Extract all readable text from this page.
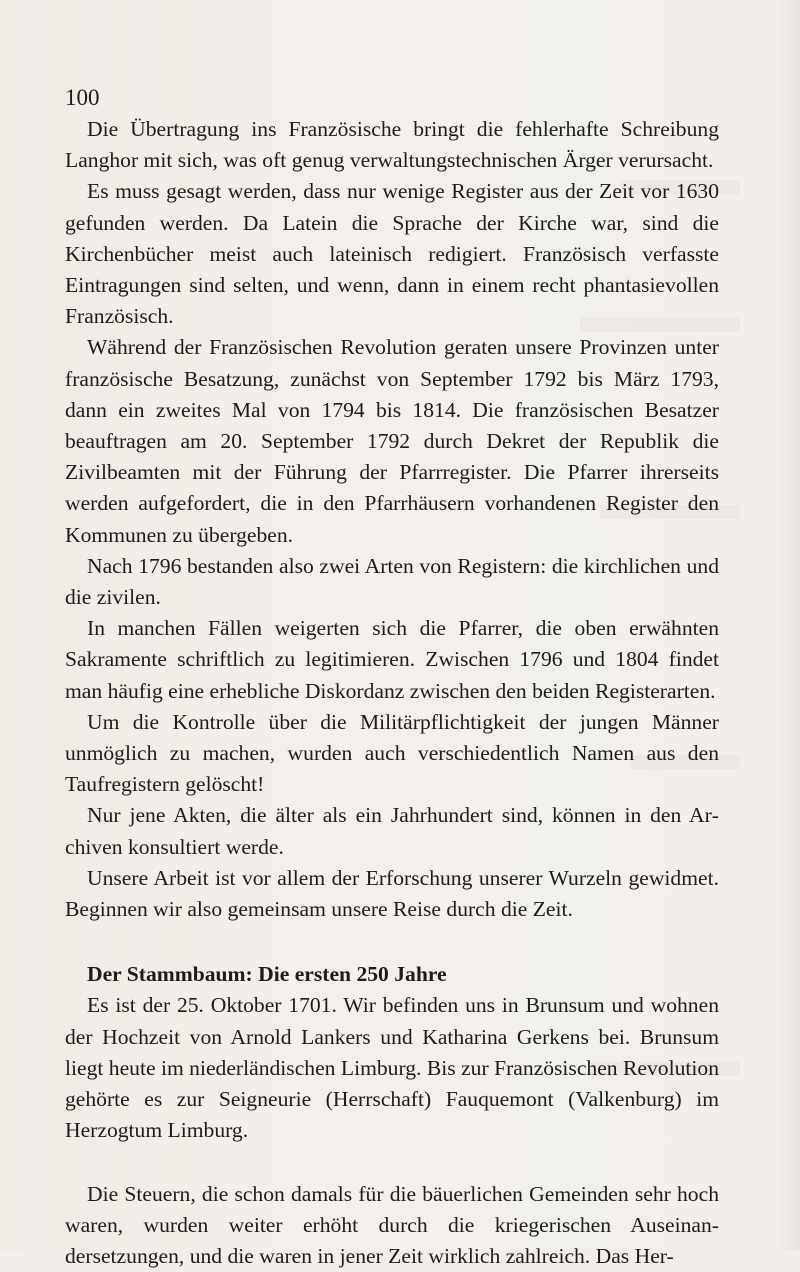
100

Die Übertragung ins Französische bringt die fehlerhafte Schreibung Langhor mit sich, was oft genug verwaltungstechnischen Ärger verursacht.

Es muss gesagt werden, dass nur wenige Register aus der Zeit vor 1630 gefunden werden. Da Latein die Sprache der Kirche war, sind die Kirchenbücher meist auch lateinisch redigiert. Französisch verfasste Eintragungen sind selten, und wenn, dann in einem recht phantasievollen Französisch.

Während der Französischen Revolution geraten unsere Provinzen unter französische Besatzung, zunächst von September 1792 bis März 1793, dann ein zweites Mal von 1794 bis 1814. Die französischen Besatzer beauftragen am 20. September 1792 durch Dekret der Republik die Zivilbeamten mit der Führung der Pfarrregister. Die Pfarrer ihrerseits werden aufgefordert, die in den Pfarrhäusern vorhandenen Register den Kommunen zu übergeben.

Nach 1796 bestanden also zwei Arten von Registern: die kirchlichen und die zivilen.

In manchen Fällen weigerten sich die Pfarrer, die oben erwähnten Sakramente schriftlich zu legitimieren. Zwischen 1796 und 1804 findet man häufig eine erhebliche Diskordanz zwischen den beiden Registerarten.

Um die Kontrolle über die Militärpflichtigkeit der jungen Männer unmöglich zu machen, wurden auch verschiedentlich Namen aus den Taufregistern gelöscht!

Nur jene Akten, die älter als ein Jahrhundert sind, können in den Archiven konsultiert werde.

Unsere Arbeit ist vor allem der Erforschung unserer Wurzeln gewidmet. Beginnen wir also gemeinsam unsere Reise durch die Zeit.

Der Stammbaum: Die ersten 250 Jahre

Es ist der 25. Oktober 1701. Wir befinden uns in Brunsum und wohnen der Hochzeit von Arnold Lankers und Katharina Gerkens bei. Brunsum liegt heute im niederländischen Limburg. Bis zur Französischen Revolution gehörte es zur Seigneurie (Herrschaft) Fauquemont (Valkenburg) im Herzogtum Limburg.

Die Steuern, die schon damals für die bäuerlichen Gemeinden sehr hoch waren, wurden weiter erhöht durch die kriegerischen Auseinandersetzungen, und die waren in jener Zeit wirklich zahlreich. Das Her-
